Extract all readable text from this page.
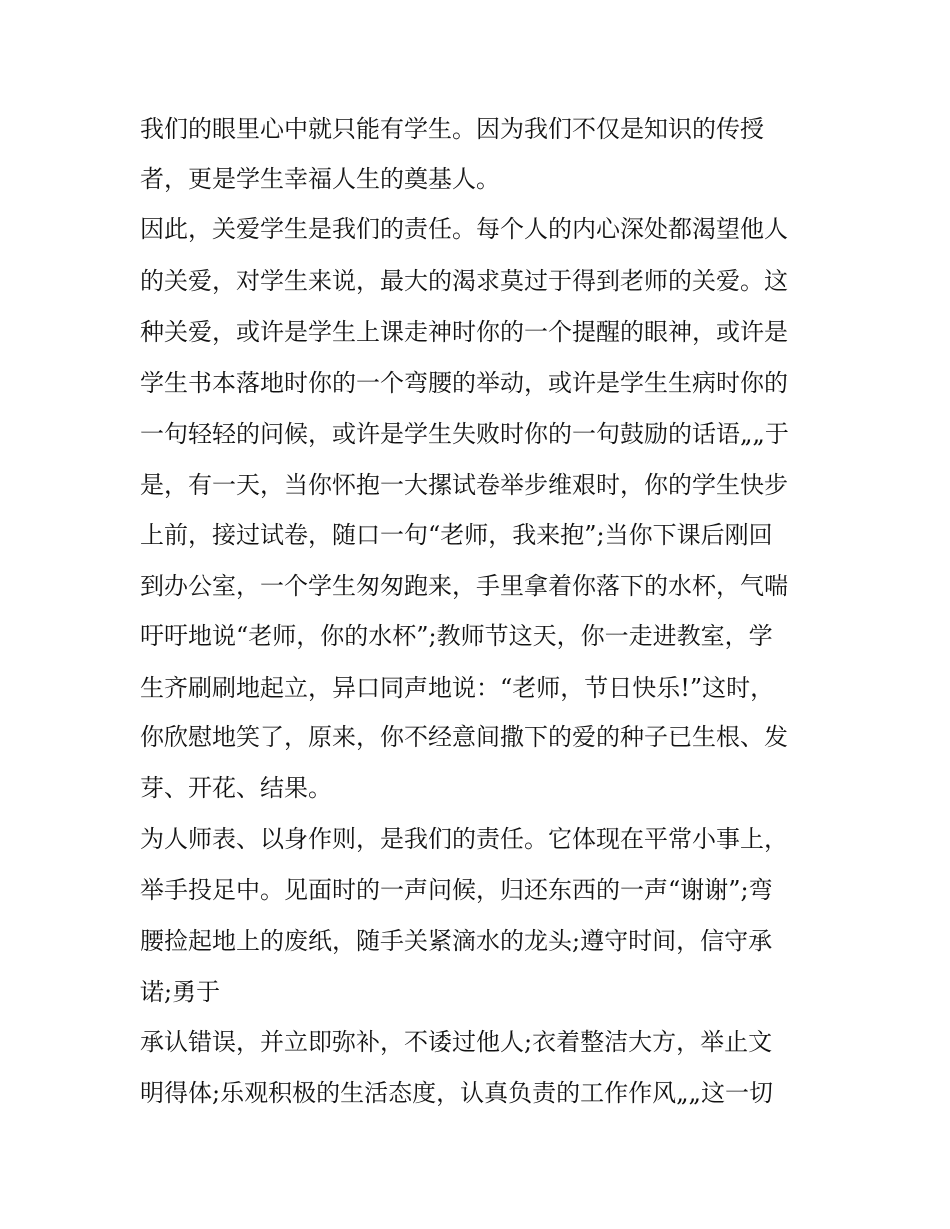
我们的眼里心中就只能有学生。因为我们不仅是知识的传授
者，更是学生幸福人生的奠基人。
因此，关爱学生是我们的责任。每个人的内心深处都渴望他人
的关爱，对学生来说，最大的渴求莫过于得到老师的关爱。这
种关爱，或许是学生上课走神时你的一个提醒的眼神，或许是
学生书本落地时你的一个弯腰的举动，或许是学生生病时你的
一句轻轻的问候，或许是学生失败时你的一句鼓励的话语„„于
是，有一天，当你怀抱一大摞试卷举步维艰时，你的学生快步
上前，接过试卷，随口一句“老师，我来抱”;当你下课后刚回
到办公室，一个学生匆匆跑来，手里拿着你落下的水杯，气喘
吁吁地说“老师，你的水杯”;教师节这天，你一走进教室，学
生齐刷刷地起立，异口同声地说：“老师，节日快乐!”这时，
你欣慰地笑了，原来，你不经意间撒下的爱的种子已生根、发
芽、开花、结果。
为人师表、以身作则，是我们的责任。它体现在平常小事上，
举手投足中。见面时的一声问候，归还东西的一声“谢谢”;弯
腰捡起地上的废纸，随手关紧滴水的龙头;遵守时间，信守承
诺;勇于
承认错误，并立即弥补，不诿过他人;衣着整洁大方，举止文
明得体;乐观积极的生活态度，认真负责的工作作风„„这一切
